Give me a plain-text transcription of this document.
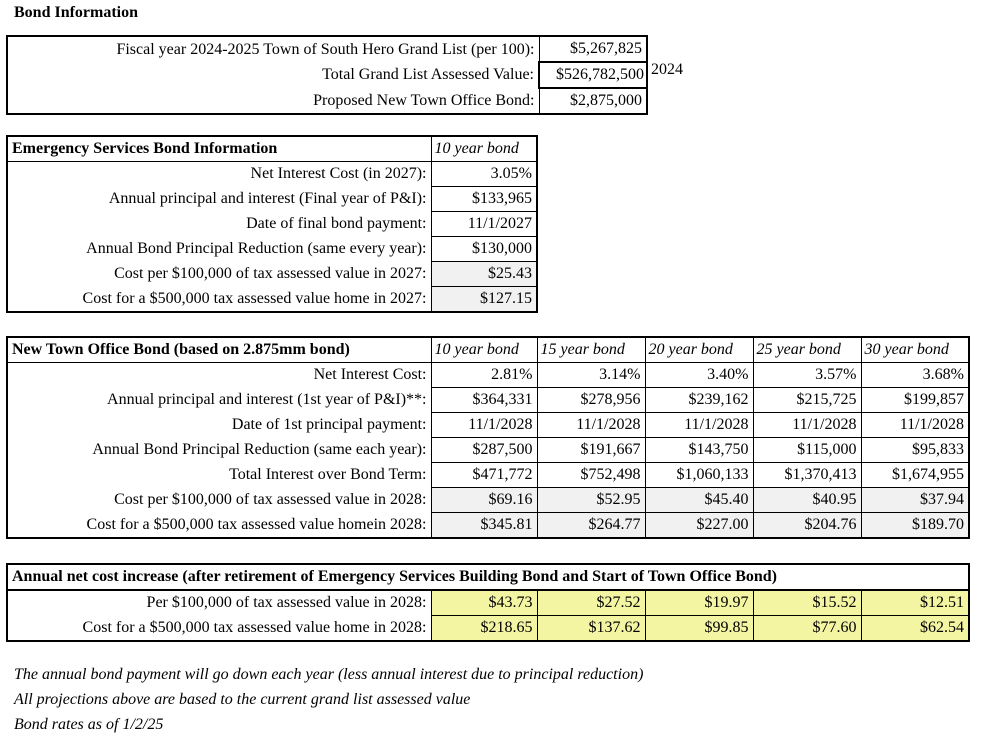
Bond Information
Fiscal year 2024-2025 Town of South Hero Grand List (per 100):	$5,267,825
Total Grand List Assessed Value:	$526,782,500
Proposed New Town Office Bond:	$2,875,000
2024
Emergency Services Bond Information	10 year bond
Net Interest Cost (in 2027):	3.05%
Annual principal and interest (Final year of P&I):	$133,965
Date of final bond payment:	11/1/2027
Annual Bond Principal Reduction (same every year):	$130,000
Cost per $100,000 of tax assessed value in 2027:	$25.43
Cost for a $500,000 tax assessed value home in 2027:	$127.15
New Town Office Bond (based on 2.875mm bond)	10 year bond	15 year bond	20 year bond	25 year bond	30 year bond
Net Interest Cost:	2.81%	3.14%	3.40%	3.57%	3.68%
Annual principal and interest (1st year of P&I)**:	$364,331	$278,956	$239,162	$215,725	$199,857
Date of 1st principal payment:	11/1/2028	11/1/2028	11/1/2028	11/1/2028	11/1/2028
Annual Bond Principal Reduction (same each year):	$287,500	$191,667	$143,750	$115,000	$95,833
Total Interest over Bond Term:	$471,772	$752,498	$1,060,133	$1,370,413	$1,674,955
Cost per $100,000 of tax assessed value in 2028:	$69.16	$52.95	$45.40	$40.95	$37.94
Cost for a $500,000 tax assessed value homein 2028:	$345.81	$264.77	$227.00	$204.76	$189.70
Annual net cost increase (after retirement of Emergency Services Building Bond and Start of Town Office Bond)					
Per $100,000 of tax assessed value in 2028:	$43.73	$27.52	$19.97	$15.52	$12.51
Cost for a $500,000 tax assessed value home in 2028:	$218.65	$137.62	$99.85	$77.60	$62.54
The annual bond payment will go down each year (less annual interest due to principal reduction)
All projections above are based to the current grand list assessed value
Bond rates as of 1/2/25
